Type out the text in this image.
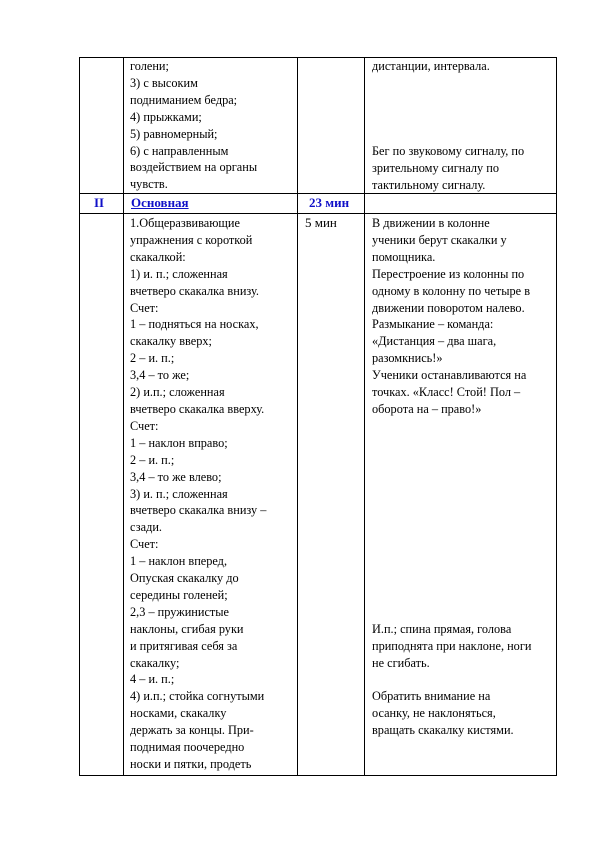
голени;
3) с высоким
подниманием бедра;
4) прыжками;
5) равномерный;
6) с направленным
воздействием на органы
чувств.
дистанции, интервала.
Бег по звуковому сигналу, по
зрительному сигналу по
тактильному сигналу.
II Основная	23 мин
1.Общеразвивающие
упражнения с короткой
скакалкой:
1) и. п.; сложенная
вчетверо скакалка внизу.
Счет:
1 – подняться на носках,
скакалку вверх;
2 – и. п.;
3,4 – то же;
2) и.п.; сложенная
вчетверо скакалка вверху.
Счет:
1 – наклон вправо;
2 – и. п.;
3,4 – то же влево;
3) и. п.; сложенная
вчетверо скакалка внизу –
сзади.
Счет:
1 – наклон вперед,
Опуская скакалку до
середины голеней;
2,3 – пружинистые
наклоны, сгибая руки
и притягивая себя за
скакалку;
4 – и. п.;
4) и.п.; стойка согнутыми
носками, скакалку
держать за концы. При-
поднимая поочередно
носки и пятки, продеть
5 мин	В движении в колонне
ученики берут скакалки у
помощника.
Перестроение из колонны по
одному в колонну по четыре в
движении поворотом налево.
Размыкание – команда:
«Дистанция – два шага,
разомкнись!»
Ученики останавливаются на
точках. «Класс! Стой! Пол –
оборота на – право!»
И.п.; спина прямая, голова
приподнята при наклоне, ноги
не сгибать.
Обратить внимание на
осанку, не наклоняться,
вращать скакалку кистями.
